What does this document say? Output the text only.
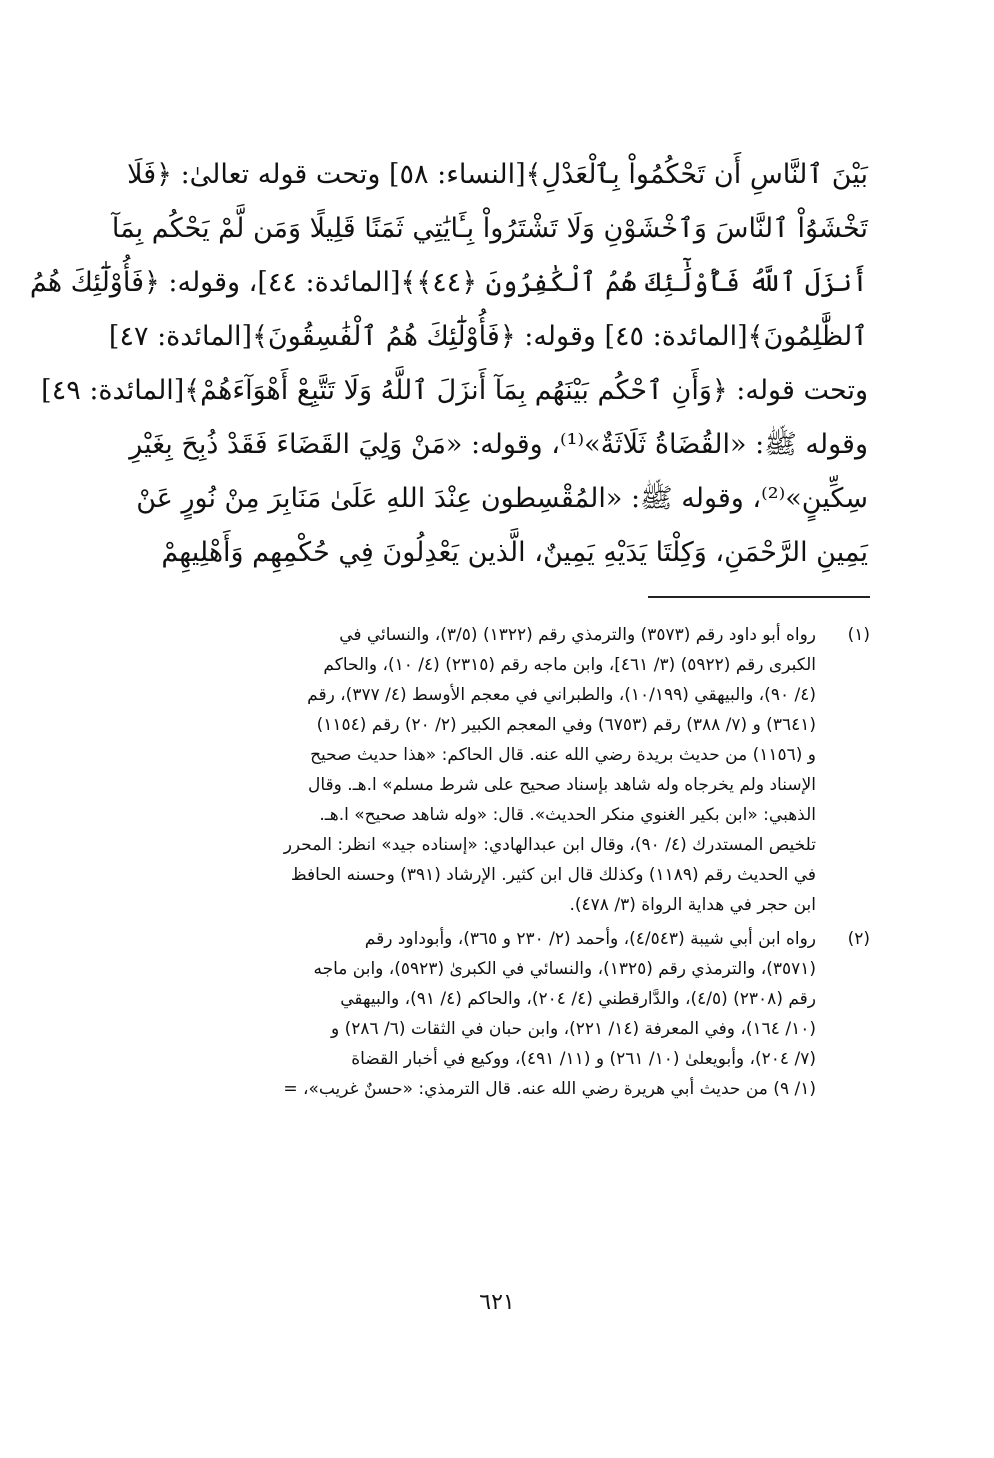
بَيْنَ ٱلنَّاسِ أَن تَحْكُمُواْ بِٱلْعَدْلِ﴾[النساء: ٥٨] وتحت قوله تعالىٰ: ﴿فَلَا
تَخْشَوُاْ ٱلنَّاسَ وَٱخْشَوْنِ وَلَا تَشْتَرُواْ بِـَٔايَٰتِي ثَمَنًا قَلِيلًا وَمَن لَّمْ يَحْكُم بِمَآ
أَنزَلَ ٱللَّهُ فَأُوْلَٰٓئِكَ هُمُ ٱلْكَٰفِرُونَ ﴿٤٤﴾﴾[المائدة: ٤٤]، وقوله: ﴿فَأُوْلَٰٓئِكَ هُمُ
ٱلظَّٰلِمُونَ﴾[المائدة: ٤٥] وقوله: ﴿فَأُوْلَٰٓئِكَ هُمُ ٱلْفَٰسِقُونَ﴾[المائدة: ٤٧]
وتحت قوله: ﴿وَأَنِ ٱحْكُم بَيْنَهُم بِمَآ أَنزَلَ ٱللَّهُ وَلَا تَتَّبِعْ أَهْوَآءَهُمْ﴾[المائدة: ٤٩]
وقوله ﷺ: «القُضَاةُ ثَلَاثَةٌ»⁽¹⁾، وقوله: «مَنْ وَلِيَ القَضَاءَ فَقَدْ ذُبِحَ بِغَيْرِ
سِكِّينٍ»⁽²⁾، وقوله ﷺ: «المُقْسِطون عِنْدَ اللهِ عَلَىٰ مَنَابِرَ مِنْ نُورٍ عَنْ
يَمِينِ الرَّحْمَنِ، وَكِلْتَا يَدَيْهِ يَمِينٌ، الَّذين يَعْدِلُونَ فِي حُكْمِهِم وَأَهْلِيهِمْ
(١)
رواه أبو داود رقم (٣٥٧٣) والترمذي رقم (١٣٢٢) (٣/٥)، والنسائي في
الكبرى رقم (٥٩٢٢) (٣/ ٤٦١]، وابن ماجه رقم (٢٣١٥) (٤/ ١٠)، والحاكم
(٤/ ٩٠)، والبيهقي (١٠/١٩٩)، والطبراني في معجم الأوسط (٤/ ٣٧٧)، رقم
(٣٦٤١) و (٧/ ٣٨٨) رقم (٦٧٥٣) وفي المعجم الكبير (٢/ ٢٠) رقم (١١٥٤)
و (١١٥٦) من حديث بريدة رضي الله عنه. قال الحاكم: «هذا حديث صحيح
الإسناد ولم يخرجاه وله شاهد بإسناد صحيح على شرط مسلم» ا.هـ. وقال
الذهبي: «ابن بكير الغنوي منكر الحديث». قال: «وله شاهد صحيح» ا.هـ.
تلخيص المستدرك (٤/ ٩٠)، وقال ابن عبدالهادي: «إسناده جيد» انظر: المحرر
في الحديث رقم (١١٨٩) وكذلك قال ابن كثير. الإرشاد (٣٩١) وحسنه الحافظ
ابن حجر في هداية الرواة (٣/ ٤٧٨).
(٢)
رواه ابن أبي شيبة (٤/٥٤٣)، وأحمد (٢/ ٢٣٠ و ٣٦٥)، وأبوداود رقم
(٣٥٧١)، والترمذي رقم (١٣٢٥)، والنسائي في الكبرىٰ (٥٩٢٣)، وابن ماجه
رقم (٢٣٠٨) (٤/٥)، والدَّارقطني (٤/ ٢٠٤)، والحاكم (٤/ ٩١)، والبيهقي
(١٠/ ١٦٤)، وفي المعرفة (١٤/ ٢٢١)، وابن حبان في الثقات (٦/ ٢٨٦) و
(٧/ ٢٠٤)، وأبويعلىٰ (١٠/ ٢٦١) و (١١/ ٤٩١)، ووكيع في أخبار القضاة
(١/ ٩) من حديث أبي هريرة رضي الله عنه. قال الترمذي: «حسنٌ غريب»، =
٦٢١
